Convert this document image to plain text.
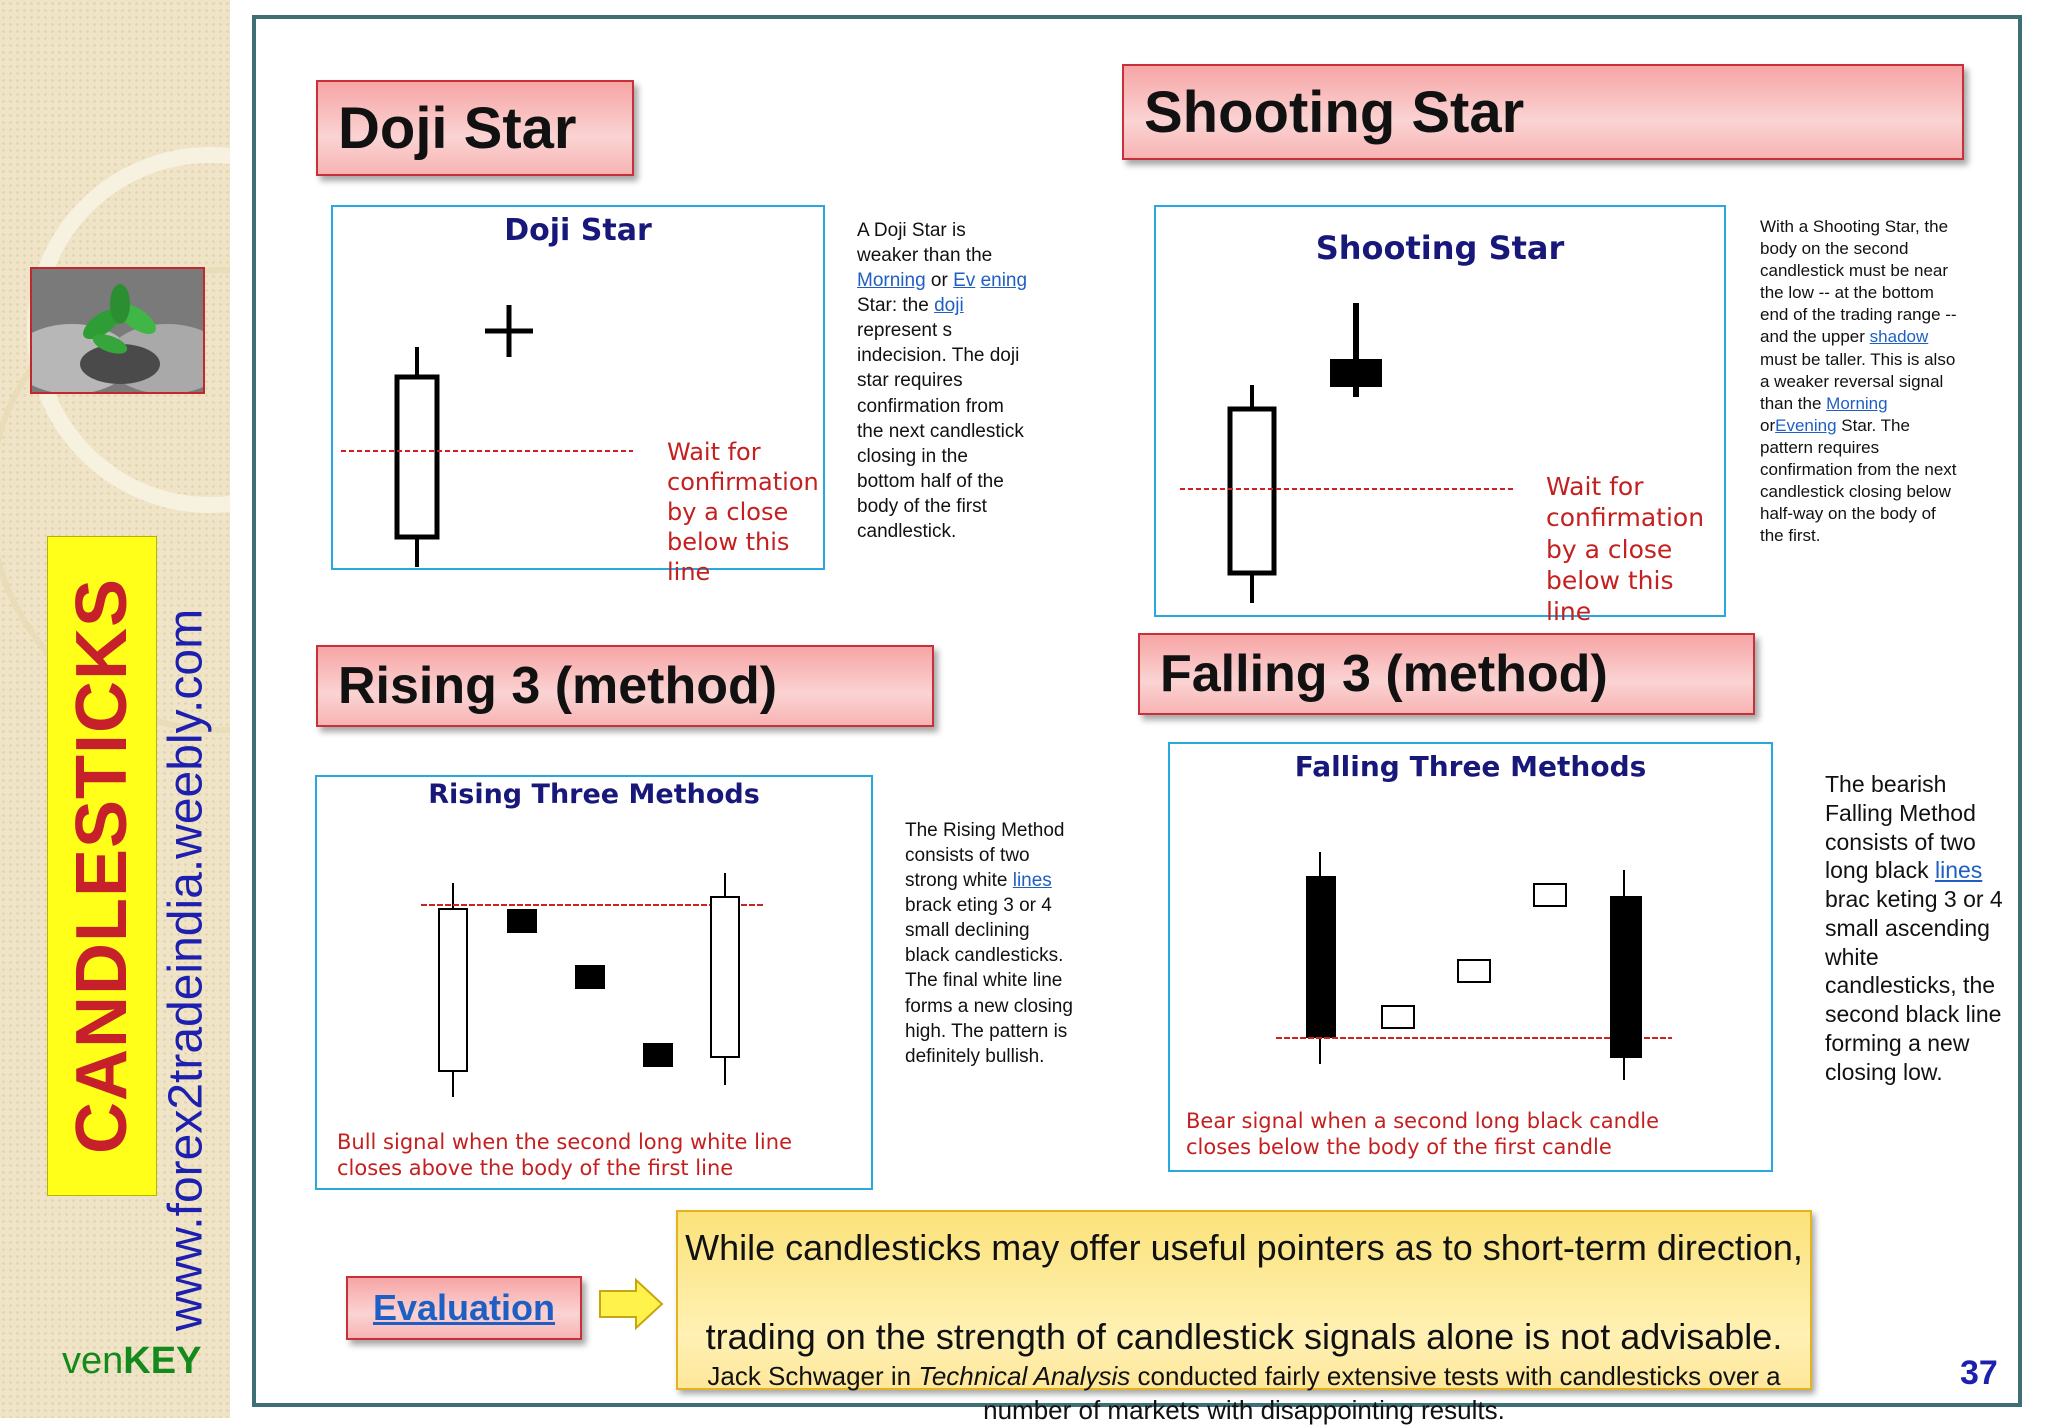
CANDLESTICKS www.forex2tradeindia.weebly.com
venKEY	37
Doji Star
Doji Star
Wait for
confirmation
by a close
below this line
A Doji Star is weaker than the Morning or Ev ening Star: the doji represent s indecision. The doji star requires confirmation from the next candlestick closing in the bottom half of the body of the first candlestick.
Shooting Star
Shooting Star
Wait for
confirmation
by a close
below this line
With a Shooting Star, the body on the second candlestick must be near the low -- at the bottom end of the trading range -- and the upper shadow must be taller. This is also a weaker reversal signal than the Morning orEvening Star. The pattern requires confirmation from the next candlestick closing below half-way on the body of the first.
Rising 3 (method)
Rising Three Methods
Bull signal when the second long white line
closes above the body of the first line
The Rising Method consists of two strong white lines brack eting 3 or 4 small declining black candlesticks. The final white line forms a new closing high. The pattern is definitely bullish.
Falling 3 (method)
Falling Three Methods
Bear signal when a second long black candle
closes below the body of the first candle
The bearish Falling Method consists of two long black lines brac keting 3 or 4 small ascending white candlesticks, the second black line forming a new closing low.
Evaluation
While candlesticks may offer useful pointers as to short-term direction,
trading on the strength of candlestick signals alone is not advisable.
Jack Schwager in Technical Analysis conducted fairly extensive tests with candlesticks over a number of markets with disappointing results.
